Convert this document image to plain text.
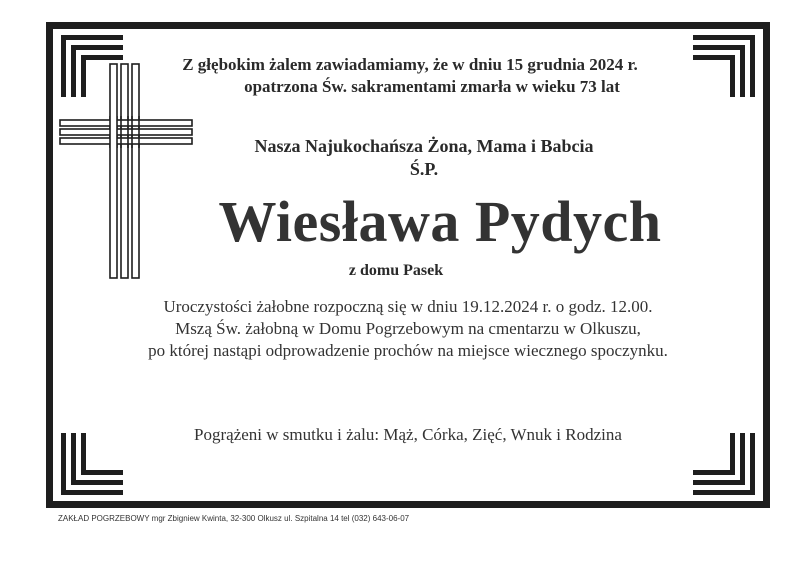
Z głębokim żalem zawiadamiamy, że w dniu 15 grudnia 2024 r.
opatrzona Św. sakramentami zmarła w wieku 73 lat
Nasza Najukochańsza Żona, Mama i Babcia
Ś.P.
Wiesława Pydych
z domu Pasek
Uroczystości żałobne rozpoczną się w dniu 19.12.2024 r. o godz. 12.00.
Mszą Św. żałobną w Domu Pogrzebowym na cmentarzu w Olkuszu,
po której nastąpi odprowadzenie prochów na miejsce wiecznego spoczynku.
Pogrążeni w smutku i żalu: Mąż, Córka, Zięć, Wnuk i Rodzina
ZAKŁAD POGRZEBOWY mgr Zbigniew Kwinta, 32-300 Olkusz ul. Szpitalna 14 tel (032) 643-06-07
